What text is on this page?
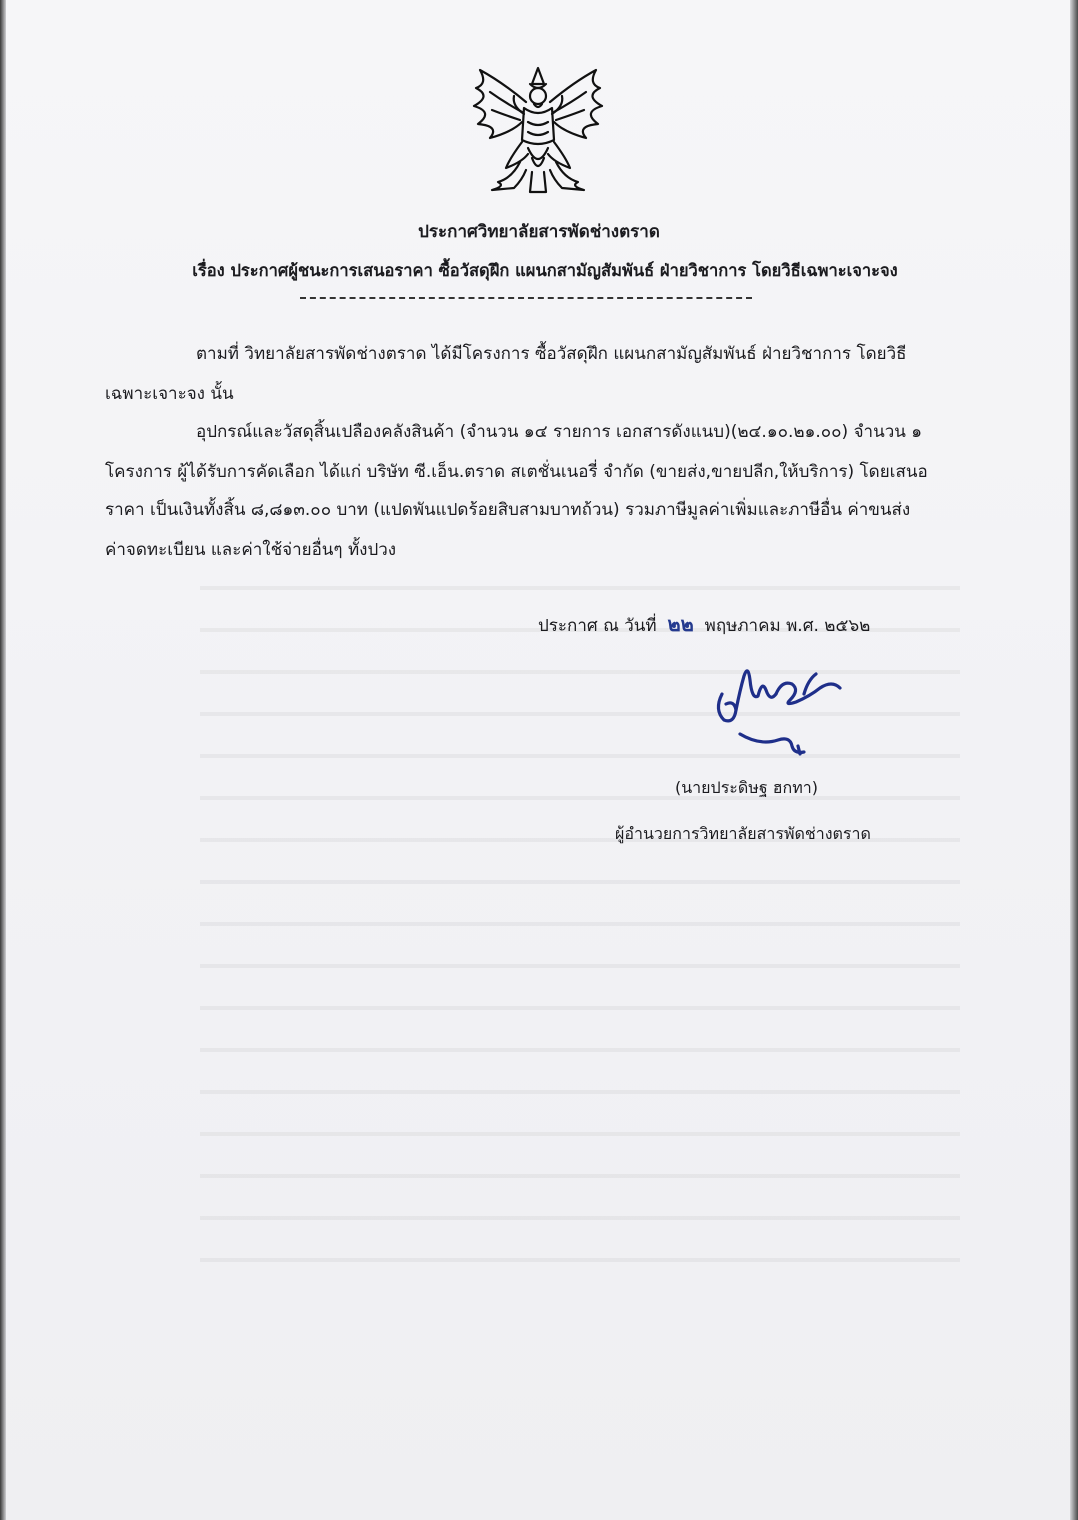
ประกาศวิทยาลัยสารพัดช่างตราด
เรื่อง ประกาศผู้ชนะการเสนอราคา ซื้อวัสดุฝึก แผนกสามัญสัมพันธ์ ฝ่ายวิชาการ โดยวิธีเฉพาะเจาะจง
ตามที่ วิทยาลัยสารพัดช่างตราด ได้มีโครงการ ซื้อวัสดุฝึก แผนกสามัญสัมพันธ์ ฝ่ายวิชาการ โดยวิธี
เฉพาะเจาะจง นั้น
อุปกรณ์และวัสดุสิ้นเปลืองคลังสินค้า (จำนวน ๑๔ รายการ เอกสารดังแนบ)(๒๔.๑๐.๒๑.๐๐) จำนวน ๑
โครงการ ผู้ได้รับการคัดเลือก ได้แก่ บริษัท ซี.เอ็น.ตราด สเตชั่นเนอรี่ จำกัด (ขายส่ง,ขายปลีก,ให้บริการ) โดยเสนอ
ราคา เป็นเงินทั้งสิ้น ๘,๘๑๓.๐๐ บาท (แปดพันแปดร้อยสิบสามบาทถ้วน) รวมภาษีมูลค่าเพิ่มและภาษีอื่น ค่าขนส่ง
ค่าจดทะเบียน และค่าใช้จ่ายอื่นๆ ทั้งปวง
ประกาศ ณ วันที่ ๒๒ พฤษภาคม พ.ศ. ๒๕๖๒
(นายประดิษฐ ฮกทา)
ผู้อำนวยการวิทยาลัยสารพัดช่างตราด
